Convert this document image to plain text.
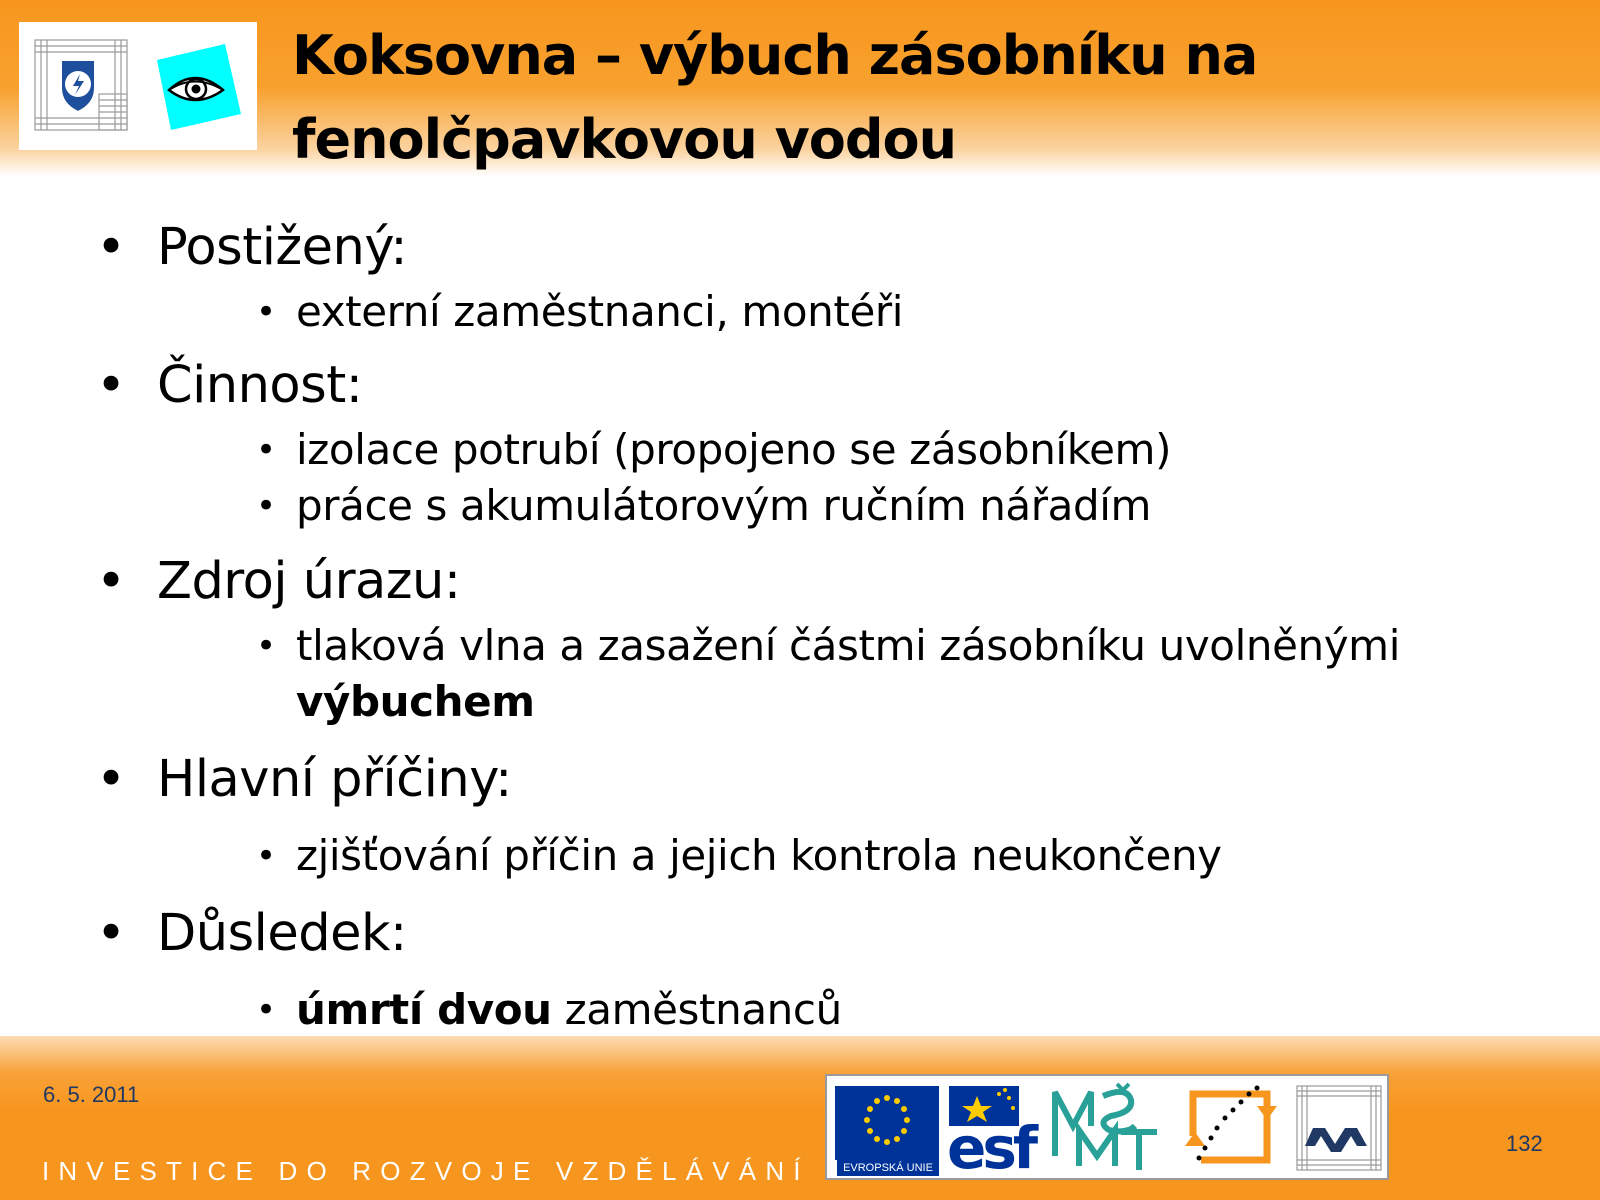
Koksovna – výbuch zásobníku na
fenolčpavkovou vodou
• Postižený:
• externí zaměstnanci, montéři
• Činnost:
• izolace potrubí (propojeno se zásobníkem)
• práce s akumulátorovým ručním nářadím
• Zdroj úrazu:
• tlaková vlna a zasažení částmi zásobníku uvolněnými
výbuchem
• Hlavní příčiny:
• zjišťování příčin a jejich kontrola neukončeny
• Důsledek:
• úmrtí dvou zaměstnanců
6. 5. 2011
INVESTICE DO ROZVOJE VZDĚLÁVÁNÍ
132
esf
EVROPSKÁ UNIE
